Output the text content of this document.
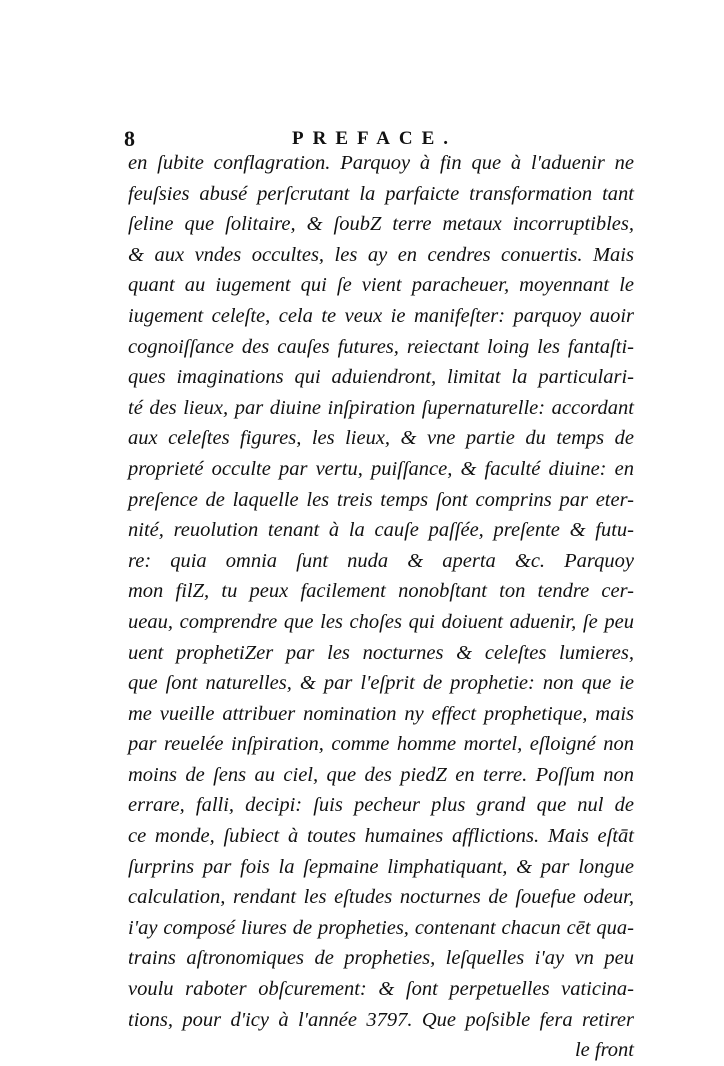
8	PREFACE.
en ſubite conflagration. Parquoy à fin que à l'aduenir ne
feuſsies abusé perſcrutant la parfaicte transformation tant
ſeline que ſolitaire, & ſoubZ terre metaux incorruptibles,
& aux vndes occultes, les ay en cendres conuertis. Mais
quant au iugement qui ſe vient paracheuer, moyennant le
iugement celeſte, cela te veux ie manifeſter: parquoy auoir
cognoiſſance des cauſes futures, reiectant loing les fantaſti-
ques imaginations qui aduiendront, limitat la particulari-
té des lieux, par diuine inſpiration ſupernaturelle: accordant
aux celeſtes figures, les lieux, & vne partie du temps de
proprieté occulte par vertu, puiſſance, & faculté diuine: en
preſence de laquelle les treis temps ſont comprins par eter-
nité, reuolution tenant à la cauſe paſſée, preſente & futu-
re: quia omnia ſunt nuda & aperta &c. Parquoy
mon filZ, tu peux facilement nonobſtant ton tendre cer-
ueau, comprendre que les choſes qui doiuent aduenir, ſe peu
uent prophetiZer par les nocturnes & celeſtes lumieres,
que ſont naturelles, & par l'eſprit de prophetie: non que ie
me vueille attribuer nomination ny effect prophetique, mais
par reuelée inſpiration, comme homme mortel, eſloigné non
moins de ſens au ciel, que des piedZ en terre. Poſſum non
errare, falli, decipi: ſuis pecheur plus grand que nul de
ce monde, ſubiect à toutes humaines afflictions. Mais eſtāt
ſurprins par fois la ſepmaine limphatiquant, & par longue
calculation, rendant les eſtudes nocturnes de ſouefue odeur,
i'ay composé liures de propheties, contenant chacun cēt qua-
trains aſtronomiques de propheties, leſquelles i'ay vn peu
voulu raboter obſcurement: & ſont perpetuelles vaticina-
tions, pour d'icy à l'année 3797. Que poſsible fera retirer
le front
